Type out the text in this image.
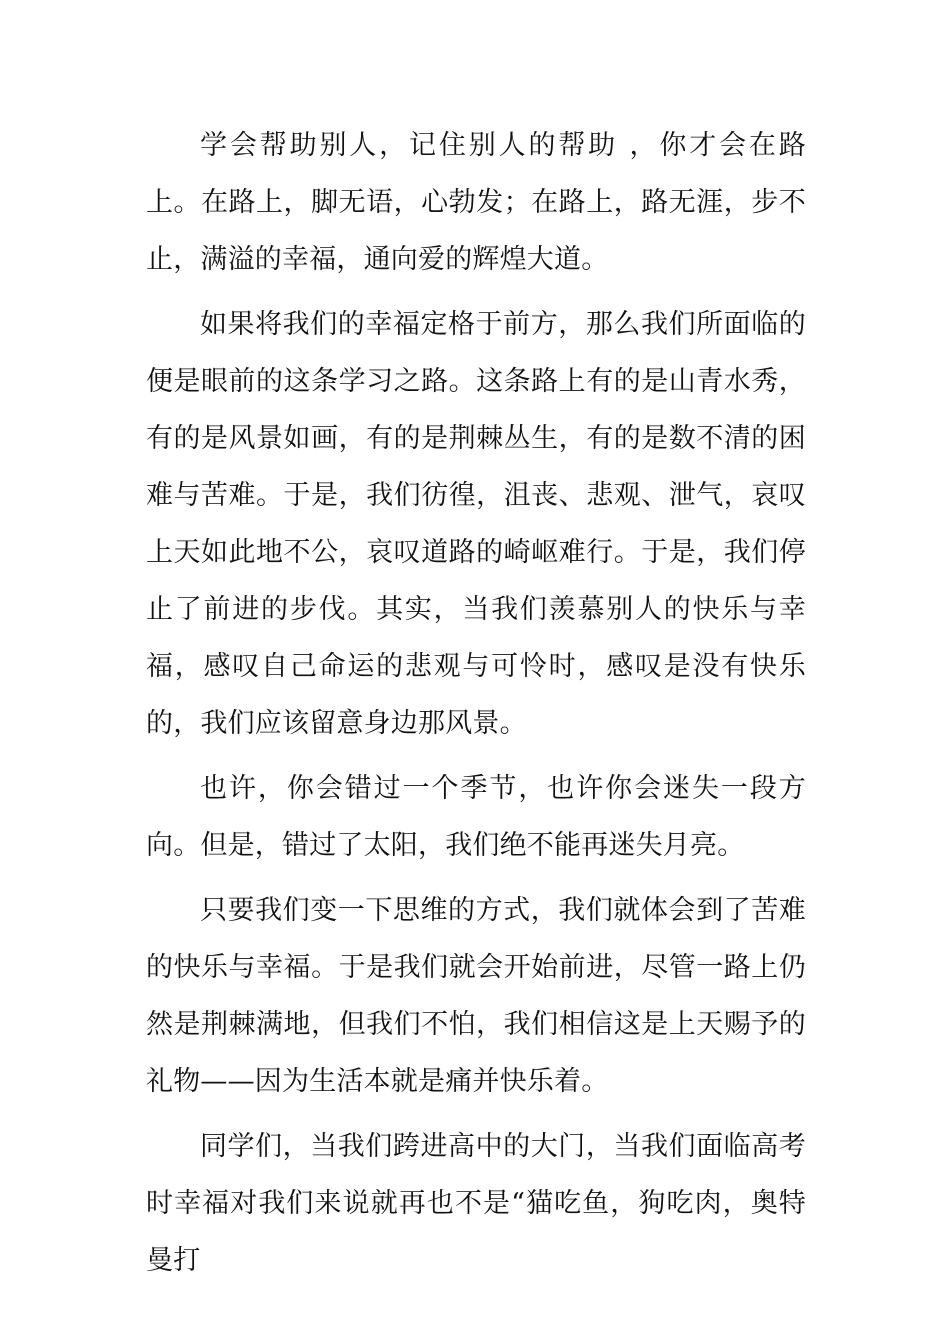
学会帮助别人，记住别人的帮助 ，你才会在路上。在路上，脚无语，心勃发；在路上，路无涯，步不止，满溢的幸福，通向爱的辉煌大道。

如果将我们的幸福定格于前方，那么我们所面临的便是眼前的这条学习之路。这条路上有的是山青水秀，有的是风景如画，有的是荆棘丛生，有的是数不清的困难与苦难。于是，我们彷徨，沮丧、悲观、泄气，哀叹上天如此地不公，哀叹道路的崎岖难行。于是，我们停止了前进的步伐。其实，当我们羡慕别人的快乐与幸福，感叹自己命运的悲观与可怜时，感叹是没有快乐的，我们应该留意身边那风景。

也许，你会错过一个季节，也许你会迷失一段方向。但是，错过了太阳，我们绝不能再迷失月亮。

只要我们变一下思维的方式，我们就体会到了苦难的快乐与幸福。于是我们就会开始前进，尽管一路上仍然是荆棘满地，但我们不怕，我们相信这是上天赐予的礼物——因为生活本就是痛并快乐着。

同学们，当我们跨进高中的大门，当我们面临高考时幸福对我们来说就再也不是“猫吃鱼，狗吃肉，奥特曼打
